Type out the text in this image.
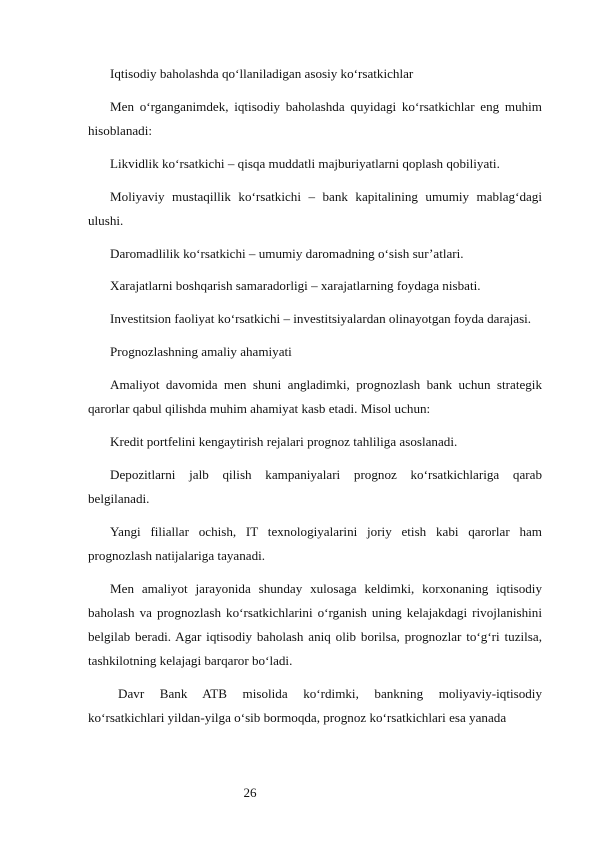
Iqtisodiy baholashda qo‘llaniladigan asosiy ko‘rsatkichlar

Men o‘rganganimdek, iqtisodiy baholashda quyidagi ko‘rsatkichlar eng muhim hisoblanadi:

Likvidlik ko‘rsatkichi – qisqa muddatli majburiyatlarni qoplash qobiliyati.

Moliyaviy mustaqillik ko‘rsatkichi – bank kapitalining umumiy mablag‘dagi ulushi.

Daromadlilik ko‘rsatkichi – umumiy daromadning o‘sish sur’atlari.

Xarajatlarni boshqarish samaradorligi – xarajatlarning foydaga nisbati.

Investitsion faoliyat ko‘rsatkichi – investitsiyalardan olinayotgan foyda darajasi.

Prognozlashning amaliy ahamiyati

Amaliyot davomida men shuni angladimki, prognozlash bank uchun strategik qarorlar qabul qilishda muhim ahamiyat kasb etadi. Misol uchun:

Kredit portfelini kengaytirish rejalari prognoz tahliliga asoslanadi.

Depozitlarni jalb qilish kampaniyalari prognoz ko‘rsatkichlariga qarab belgilanadi.

Yangi filiallar ochish, IT texnologiyalarini joriy etish kabi qarorlar ham prognozlash natijalariga tayanadi.

Men amaliyot jarayonida shunday xulosaga keldimki, korxonaning iqtisodiy baholash va prognozlash ko‘rsatkichlarini o‘rganish uning kelajakdagi rivojlanishini belgilab beradi. Agar iqtisodiy baholash aniq olib borilsa, prognozlar to‘g‘ri tuzilsa, tashkilotning kelajagi barqaror bo‘ladi.

Davr Bank ATB misolida ko‘rdimki, bankning moliyaviy-iqtisodiy ko‘rsatkichlari yildan-yilga o‘sib bormoqda, prognoz ko‘rsatkichlari esa yanada

26
